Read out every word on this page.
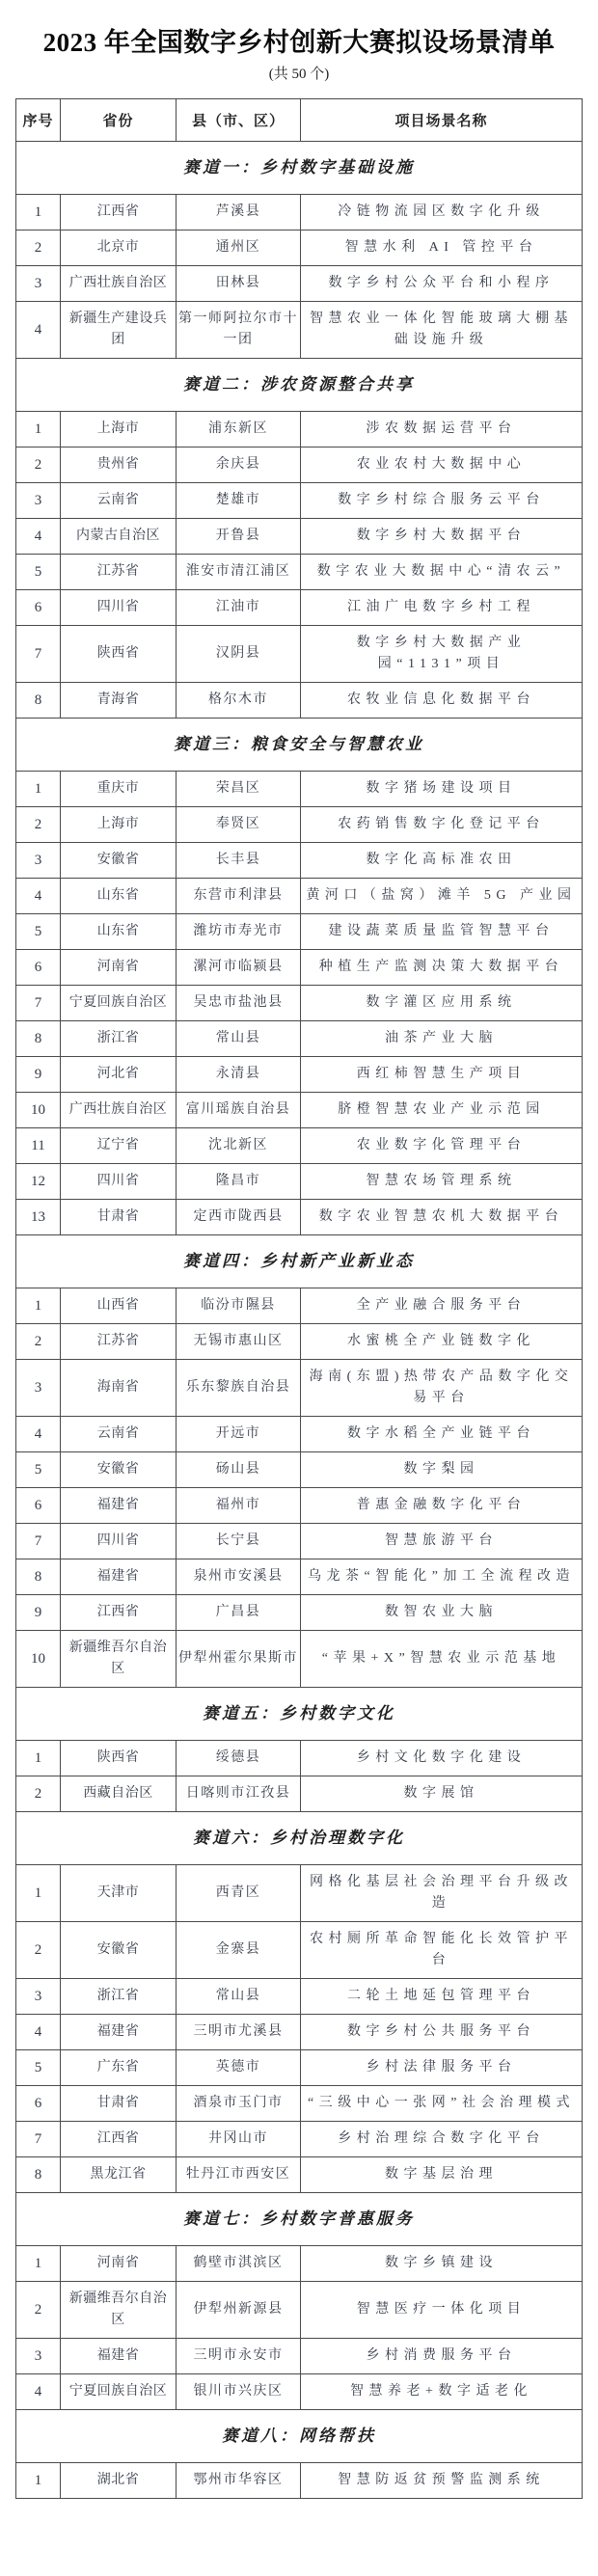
2023 年全国数字乡村创新大赛拟设场景清单
(共 50 个)
序号	省份	县（市、区）	项目场景名称
赛道一：乡村数字基础设施			
1	江西省	芦溪县	冷链物流园区数字化升级
2	北京市	通州区	智慧水利 AI 管控平台
3	广西壮族自治区	田林县	数字乡村公众平台和小程序
4	新疆生产建设兵团	第一师阿拉尔市十一团	智慧农业一体化智能玻璃大棚基础设施升级
赛道二：涉农资源整合共享			
1	上海市	浦东新区	涉农数据运营平台
2	贵州省	余庆县	农业农村大数据中心
3	云南省	楚雄市	数字乡村综合服务云平台
4	内蒙古自治区	开鲁县	数字乡村大数据平台
5	江苏省	淮安市清江浦区	数字农业大数据中心“清农云”
6	四川省	江油市	江油广电数字乡村工程
7	陕西省	汉阴县	数字乡村大数据产业园“1131”项目
8	青海省	格尔木市	农牧业信息化数据平台
赛道三：粮食安全与智慧农业			
1	重庆市	荣昌区	数字猪场建设项目
2	上海市	奉贤区	农药销售数字化登记平台
3	安徽省	长丰县	数字化高标准农田
4	山东省	东营市利津县	黄河口（盐窝）滩羊 5G 产业园
5	山东省	潍坊市寿光市	建设蔬菜质量监管智慧平台
6	河南省	漯河市临颍县	种植生产监测决策大数据平台
7	宁夏回族自治区	吴忠市盐池县	数字灌区应用系统
8	浙江省	常山县	油茶产业大脑
9	河北省	永清县	西红柿智慧生产项目
10	广西壮族自治区	富川瑶族自治县	脐橙智慧农业产业示范园
11	辽宁省	沈北新区	农业数字化管理平台
12	四川省	隆昌市	智慧农场管理系统
13	甘肃省	定西市陇西县	数字农业智慧农机大数据平台
赛道四：乡村新产业新业态			
1	山西省	临汾市隰县	全产业融合服务平台
2	江苏省	无锡市惠山区	水蜜桃全产业链数字化
3	海南省	乐东黎族自治县	海南(东盟)热带农产品数字化交易平台
4	云南省	开远市	数字水稻全产业链平台
5	安徽省	砀山县	数字梨园
6	福建省	福州市	普惠金融数字化平台
7	四川省	长宁县	智慧旅游平台
8	福建省	泉州市安溪县	乌龙茶“智能化”加工全流程改造
9	江西省	广昌县	数智农业大脑
10	新疆维吾尔自治区	伊犁州霍尔果斯市	“苹果+X”智慧农业示范基地
赛道五：乡村数字文化			
1	陕西省	绥德县	乡村文化数字化建设
2	西藏自治区	日喀则市江孜县	数字展馆
赛道六：乡村治理数字化			
1	天津市	西青区	网格化基层社会治理平台升级改造
2	安徽省	金寨县	农村厕所革命智能化长效管护平台
3	浙江省	常山县	二轮土地延包管理平台
4	福建省	三明市尤溪县	数字乡村公共服务平台
5	广东省	英德市	乡村法律服务平台
6	甘肃省	酒泉市玉门市	“三级中心一张网”社会治理模式
7	江西省	井冈山市	乡村治理综合数字化平台
8	黑龙江省	牡丹江市西安区	数字基层治理
赛道七：乡村数字普惠服务			
1	河南省	鹤壁市淇滨区	数字乡镇建设
2	新疆维吾尔自治区	伊犁州新源县	智慧医疗一体化项目
3	福建省	三明市永安市	乡村消费服务平台
4	宁夏回族自治区	银川市兴庆区	智慧养老+数字适老化
赛道八：网络帮扶			
1	湖北省	鄂州市华容区	智慧防返贫预警监测系统
